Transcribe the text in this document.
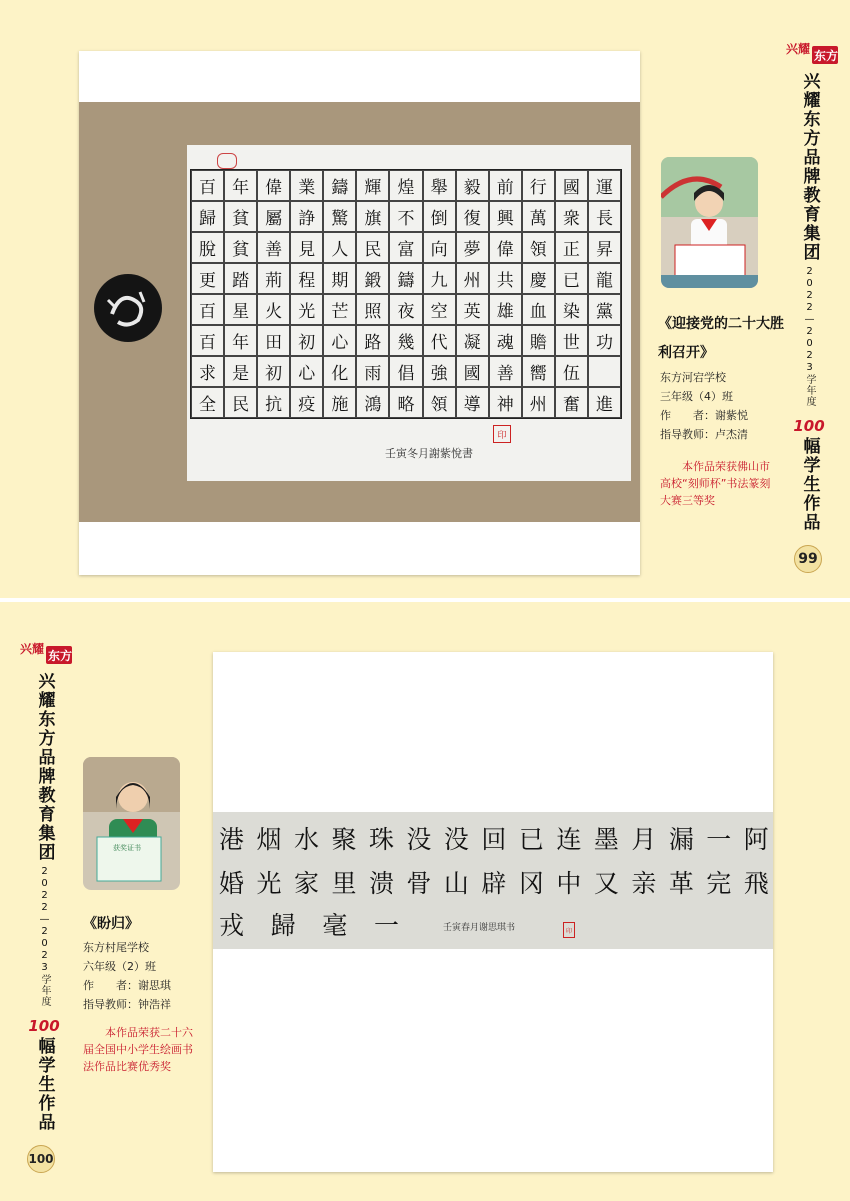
百 年 偉 業 鑄 輝 煌 舉 毅 前 行 國 運
歸 貧 屬 諍 驚 旗 不 倒 復 興 萬 衆 長
脫 貧 善 見 人 民 富 向 夢 偉 領 正 昇
更 踏 荊 程 期 鍛 鑄 九 州 共 慶 已 龍
百 星 火 光 芒 照 夜 空 英 雄 血 染 黨
百 年 田 初 心 路 幾 代 凝 魂 贍 世 功
求 是 初 心 化 雨 倡 強 國 善 嚮 伍
全 民 抗 疫 施 鴻 略 領 導 神 州 奮 進
壬寅冬月謝紫悅書
印
兴耀 东方
兴耀东方品牌教育集团
2022—2023学年度
100
幅学生作品
99
《迎接党的二十大胜利召开》
东方河宕学校
三年级（4）班
作　　者：谢紫悦
指导教师：卢杰清
本作品荣获佛山市高校“刻师杯”书法篆刻大赛三等奖
兴耀 东方
兴耀东方品牌教育集团
2022—2023学年度
100
幅学生作品
100
获奖证书
《盼归》
东方村尾学校
六年级（2）班
作　　者：谢思琪
指导教师：钟浩祥
本作品荣获二十六届全国中小学生绘画书法作品比赛优秀奖
港 烟 水 聚 珠 没 没 回 已 连 墨 月 漏 一 阿
婚 光 家 里 溃 骨 山 辟 冈 中 又 亲 革 完 飛
戎 歸 毫 一	壬寅春月谢思琪书	印
